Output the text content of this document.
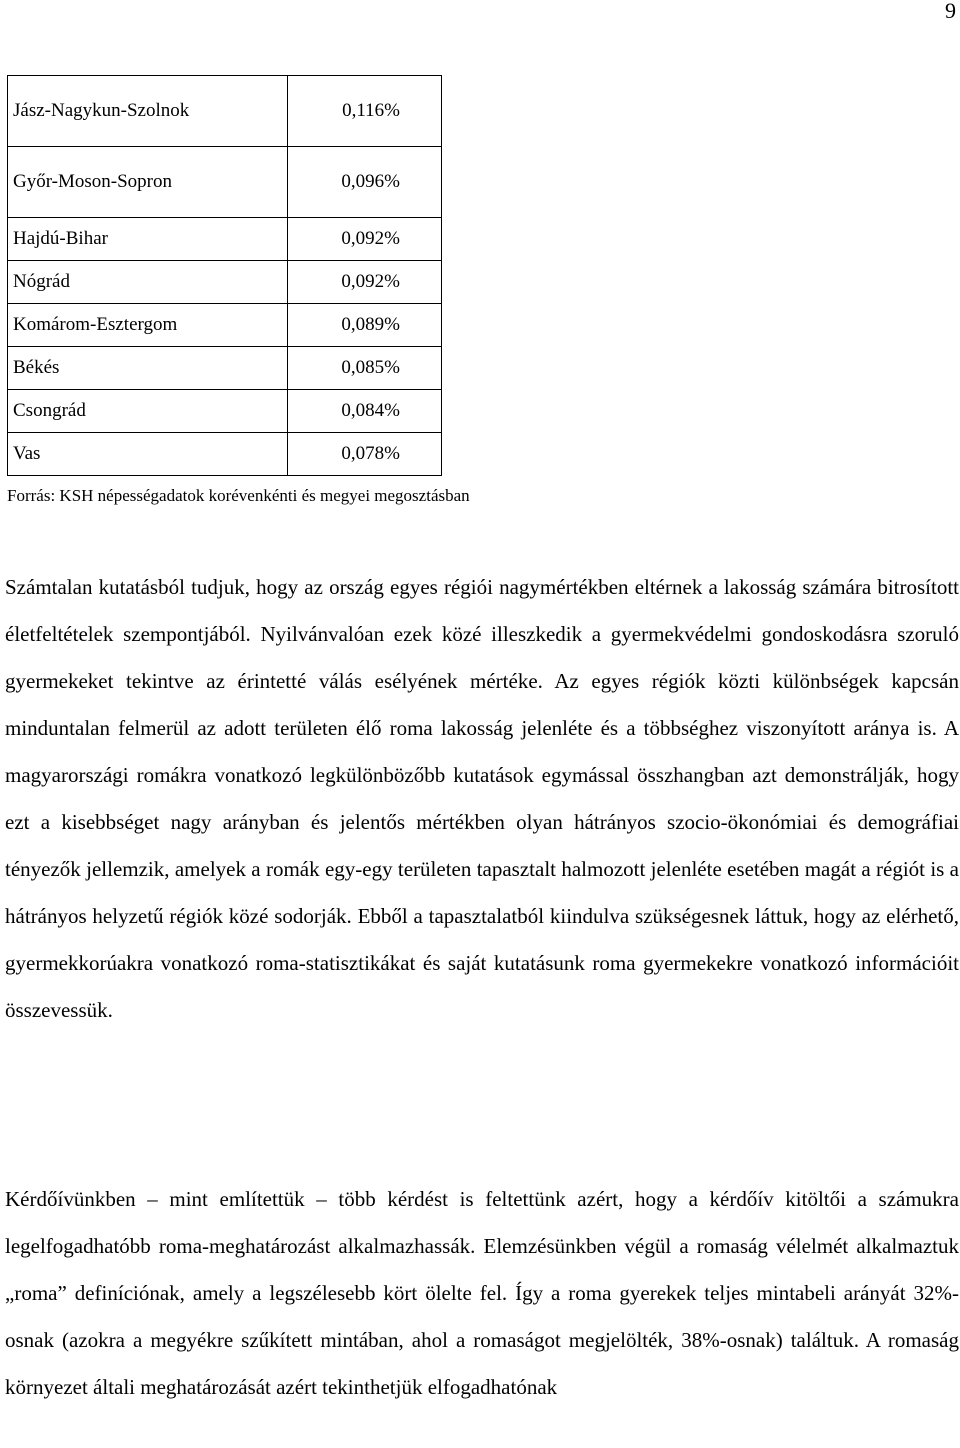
9
Jász-Nagykun-Szolnok	0,116%
Győr-Moson-Sopron	0,096%
Hajdú-Bihar	0,092%
Nógrád	0,092%
Komárom-Esztergom	0,089%
Békés	0,085%
Csongrád	0,084%
Vas	0,078%
Forrás: KSH népességadatok korévenkénti és megyei megosztásban

Számtalan kutatásból tudjuk, hogy az ország egyes régiói nagymértékben eltérnek a lakosság számára bitrosított életfeltételek szempontjából. Nyilvánvalóan ezek közé illeszkedik a gyermekvédelmi gondoskodásra szoruló gyermekeket tekintve az érintetté válás esélyének mértéke. Az egyes régiók közti különbségek kapcsán minduntalan felmerül az adott területen élő roma lakosság jelenléte és a többséghez viszonyított aránya is. A magyarországi romákra vonatkozó legkülönbözőbb kutatások egymással összhangban azt demonstrálják, hogy ezt a kisebbséget nagy arányban és jelentős mértékben olyan hátrányos szocio-ökonómiai és demográfiai tényezők jellemzik, amelyek a romák egy-egy területen tapasztalt halmozott jelenléte esetében magát a régiót is a hátrányos helyzetű régiók közé sodorják. Ebből a tapasztalatból kiindulva szükségesnek láttuk, hogy az elérhető, gyermekkorúakra vonatkozó roma-statisztikákat és saját kutatásunk roma gyermekekre vonatkozó információit összevessük.

Kérdőívünkben – mint említettük – több kérdést is feltettünk azért, hogy a kérdőív kitöltői a számukra legelfogadhatóbb roma-meghatározást alkalmazhassák. Elemzésünkben végül a romaság vélelmét alkalmaztuk „roma” definíciónak, amely a legszélesebb kört ölelte fel. Így a roma gyerekek teljes mintabeli arányát 32%-osnak (azokra a megyékre szűkített mintában, ahol a romaságot megjelölték, 38%-osnak) találtuk. A romaság környezet általi meghatározását azért tekinthetjük elfogadhatónak
